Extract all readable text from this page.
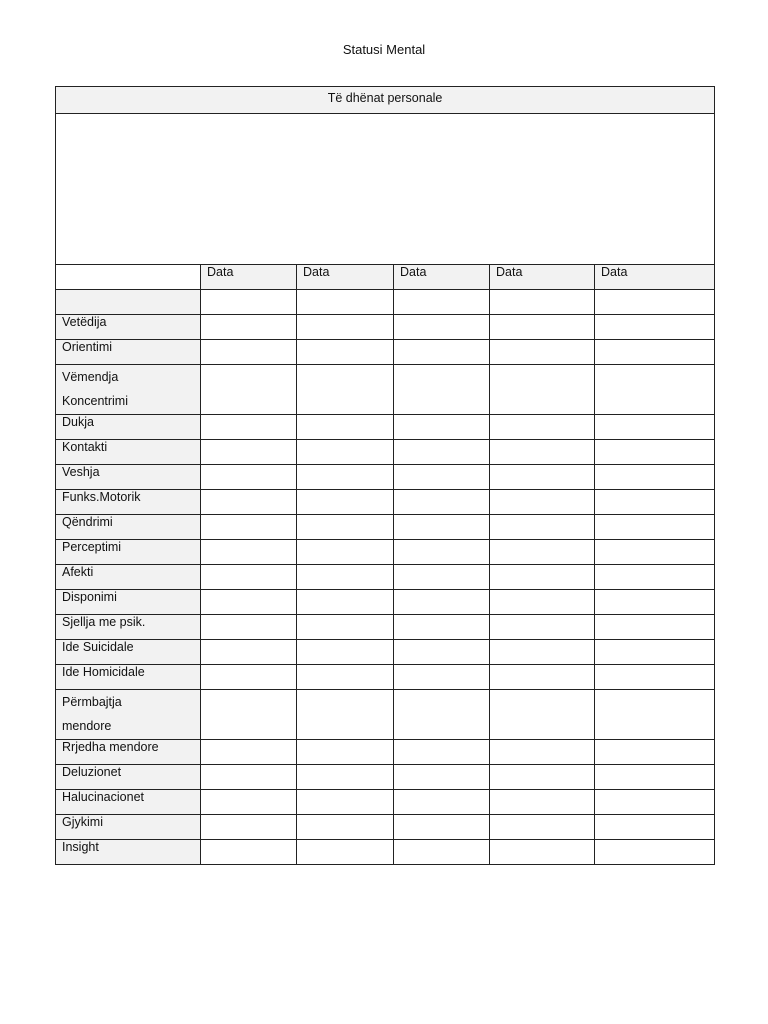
Statusi Mental
Të dhënat personale					

	Data	Data	Data	Data	Data

Vetëdija					
Orientimi					

Vëmendja
Koncentrimi					

Dukja					
Kontakti					
Veshja					
Funks.Motorik					
Qëndrimi					
Perceptimi					
Afekti					
Disponimi					
Sjellja me psik.					
Ide Suicidale					
Ide Homicidale					

Përmbajtja
mendore					

Rrjedha mendore					
Deluzionet					
Halucinacionet					
Gjykimi					
Insight					
